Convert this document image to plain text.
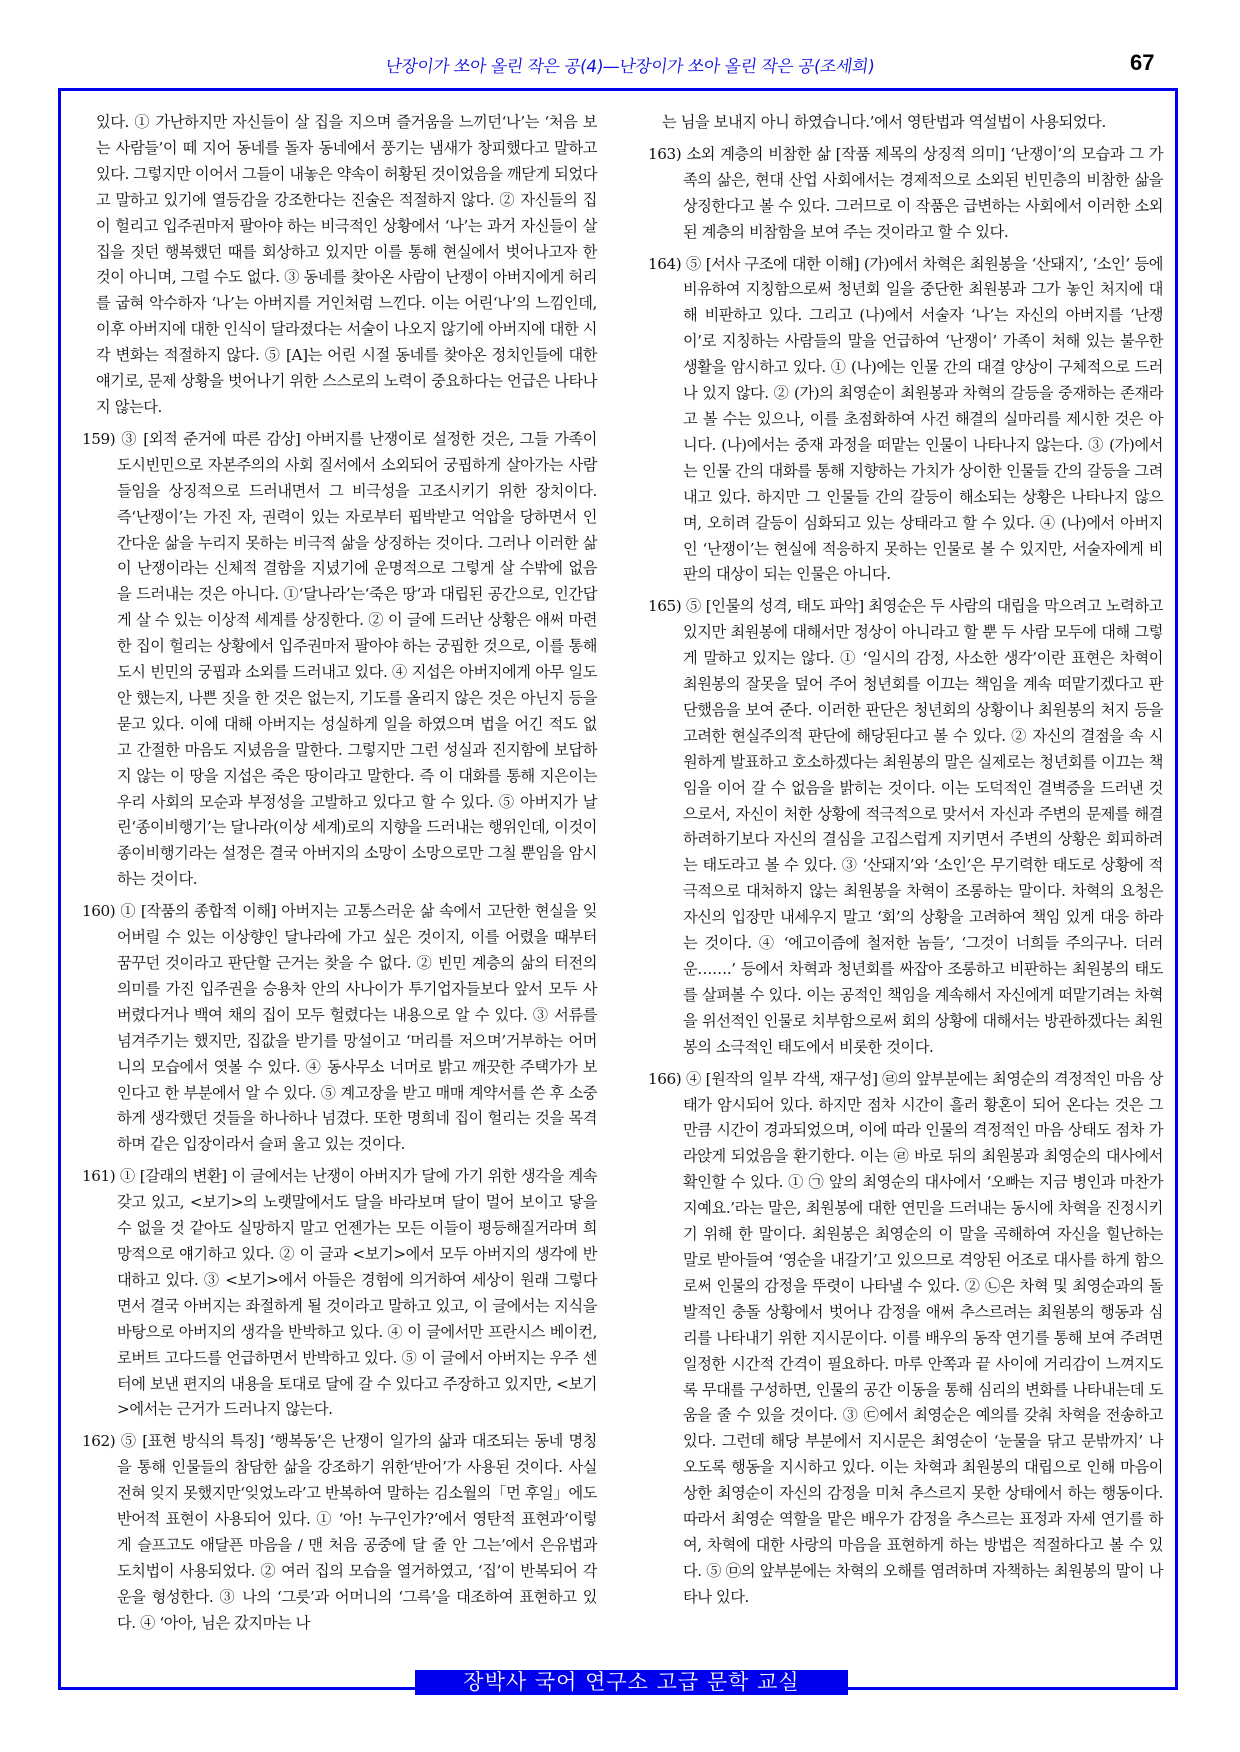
난장이가 쏘아 올린 작은 공(4)—난장이가 쏘아 올린 작은 공(조세희)	67

있다. ① 가난하지만 자신들이 살 집을 지으며 즐거움을 느끼던‘나’는 ‘처음 보는 사람들’이 떼 지어 동네를 돌자 동네에서 풍기는 냄새가 창피했다고 말하고 있다. 그렇지만 이어서 그들이 내놓은 약속이 허황된 것이었음을 깨닫게 되었다고 말하고 있기에 열등감을 강조한다는 진술은 적절하지 않다. ② 자신들의 집이 헐리고 입주권마저 팔아야 하는 비극적인 상황에서 ‘나’는 과거 자신들이 살 집을 짓던 행복했던 때를 회상하고 있지만 이를 통해 현실에서 벗어나고자 한 것이 아니며, 그럴 수도 없다. ③ 동네를 찾아온 사람이 난쟁이 아버지에게 허리를 굽혀 악수하자 ‘나’는 아버지를 거인처럼 느낀다. 이는 어린‘나’의 느낌인데, 이후 아버지에 대한 인식이 달라졌다는 서술이 나오지 않기에 아버지에 대한 시각 변화는 적절하지 않다. ⑤ [A]는 어린 시절 동네를 찾아온 정치인들에 대한 얘기로, 문제 상황을 벗어나기 위한 스스로의 노력이 중요하다는 언급은 나타나지 않는다.

159) ③ [외적 준거에 따른 감상] 아버지를 난쟁이로 설정한 것은, 그들 가족이 도시빈민으로 자본주의의 사회 질서에서 소외되어 궁핍하게 살아가는 사람들임을 상징적으로 드러내면서 그 비극성을 고조시키기 위한 장치이다. 즉‘난쟁이’는 가진 자, 권력이 있는 자로부터 핍박받고 억압을 당하면서 인간다운 삶을 누리지 못하는 비극적 삶을 상징하는 것이다. 그러나 이러한 삶이 난쟁이라는 신체적 결함을 지녔기에 운명적으로 그렇게 살 수밖에 없음을 드러내는 것은 아니다. ①‘달나라’는‘죽은 땅’과 대립된 공간으로, 인간답게 살 수 있는 이상적 세계를 상징한다. ② 이 글에 드러난 상황은 애써 마련한 집이 헐리는 상황에서 입주권마저 팔아야 하는 궁핍한 것으로, 이를 통해 도시 빈민의 궁핍과 소외를 드러내고 있다. ④ 지섭은 아버지에게 아무 일도 안 했는지, 나쁜 짓을 한 것은 없는지, 기도를 올리지 않은 것은 아닌지 등을 묻고 있다. 이에 대해 아버지는 성실하게 일을 하였으며 법을 어긴 적도 없고 간절한 마음도 지녔음을 말한다. 그렇지만 그런 성실과 진지함에 보답하지 않는 이 땅을 지섭은 죽은 땅이라고 말한다. 즉 이 대화를 통해 지은이는 우리 사회의 모순과 부정성을 고발하고 있다고 할 수 있다. ⑤ 아버지가 날린‘종이비행기’는 달나라(이상 세계)로의 지향을 드러내는 행위인데, 이것이 종이비행기라는 설정은 결국 아버지의 소망이 소망으로만 그칠 뿐임을 암시하는 것이다.

160) ① [작품의 종합적 이해] 아버지는 고통스러운 삶 속에서 고단한 현실을 잊어버릴 수 있는 이상향인 달나라에 가고 싶은 것이지, 이를 어렸을 때부터 꿈꾸던 것이라고 판단할 근거는 찾을 수 없다. ② 빈민 계층의 삶의 터전의 의미를 가진 입주권을 승용차 안의 사나이가 투기업자들보다 앞서 모두 사 버렸다거나 백여 채의 집이 모두 헐렸다는 내용으로 알 수 있다. ③ 서류를 넘겨주기는 했지만, 집값을 받기를 망설이고 ‘머리를 저으며’거부하는 어머니의 모습에서 엿볼 수 있다. ④ 동사무소 너머로 밝고 깨끗한 주택가가 보인다고 한 부분에서 알 수 있다. ⑤ 계고장을 받고 매매 계약서를 쓴 후 소중하게 생각했던 것들을 하나하나 넘겼다. 또한 명희네 집이 헐리는 것을 목격하며 같은 입장이라서 슬퍼 울고 있는 것이다.

161) ① [갈래의 변환] 이 글에서는 난쟁이 아버지가 달에 가기 위한 생각을 계속 갖고 있고, <보기>의 노랫말에서도 달을 바라보며 달이 멀어 보이고 닿을 수 없을 것 같아도 실망하지 말고 언젠가는 모든 이들이 평등해질거라며 희망적으로 얘기하고 있다. ② 이 글과 <보기>에서 모두 아버지의 생각에 반대하고 있다. ③ <보기>에서 아들은 경험에 의거하여 세상이 원래 그렇다면서 결국 아버지는 좌절하게 될 것이라고 말하고 있고, 이 글에서는 지식을 바탕으로 아버지의 생각을 반박하고 있다. ④ 이 글에서만 프란시스 베이컨, 로버트 고다드를 언급하면서 반박하고 있다. ⑤ 이 글에서 아버지는 우주 센터에 보낸 편지의 내용을 토대로 달에 갈 수 있다고 주장하고 있지만, <보기>에서는 근거가 드러나지 않는다.

162) ⑤ [표현 방식의 특징] ‘행복동’은 난쟁이 일가의 삶과 대조되는 동네 명칭을 통해 인물들의 참담한 삶을 강조하기 위한‘반어’가 사용된 것이다. 사실 전혀 잊지 못했지만‘잊었노라’고 반복하여 말하는 김소월의「먼 후일」에도 반어적 표현이 사용되어 있다. ① ‘아! 누구인가?’에서 영탄적 표현과‘이렇게 슬프고도 애달픈 마음을 / 맨 처음 공중에 달 줄 안 그는’에서 은유법과 도치법이 사용되었다. ② 여러 집의 모습을 열거하였고, ‘집’이 반복되어 각운을 형성한다. ③ 나의 ‘그릇’과 어머니의 ‘그륵’을 대조하여 표현하고 있다. ④ ‘아아, 님은 갔지마는 나

는 님을 보내지 아니 하였습니다.’에서 영탄법과 역설법이 사용되었다.

163) 소외 계층의 비참한 삶 [작품 제목의 상징적 의미] ‘난쟁이’의 모습과 그 가족의 삶은, 현대 산업 사회에서는 경제적으로 소외된 빈민층의 비참한 삶을 상징한다고 볼 수 있다. 그러므로 이 작품은 급변하는 사회에서 이러한 소외된 계층의 비참함을 보여 주는 것이라고 할 수 있다.

164) ⑤ [서사 구조에 대한 이해] (가)에서 차혁은 최원봉을 ‘산돼지’, ‘소인’ 등에 비유하여 지칭함으로써 청년회 일을 중단한 최원봉과 그가 놓인 처지에 대해 비판하고 있다. 그리고 (나)에서 서술자 ‘나’는 자신의 아버지를 ‘난쟁이’로 지칭하는 사람들의 말을 언급하여 ‘난쟁이’ 가족이 처해 있는 불우한 생활을 암시하고 있다. ① (나)에는 인물 간의 대결 양상이 구체적으로 드러나 있지 않다. ② (가)의 최영순이 최원봉과 차혁의 갈등을 중재하는 존재라고 볼 수는 있으나, 이를 초점화하여 사건 해결의 실마리를 제시한 것은 아니다. (나)에서는 중재 과정을 떠맡는 인물이 나타나지 않는다. ③ (가)에서는 인물 간의 대화를 통해 지향하는 가치가 상이한 인물들 간의 갈등을 그려 내고 있다. 하지만 그 인물들 간의 갈등이 해소되는 상황은 나타나지 않으며, 오히려 갈등이 심화되고 있는 상태라고 할 수 있다. ④ (나)에서 아버지인 ‘난쟁이’는 현실에 적응하지 못하는 인물로 볼 수 있지만, 서술자에게 비판의 대상이 되는 인물은 아니다.

165) ⑤ [인물의 성격, 태도 파악] 최영순은 두 사람의 대립을 막으려고 노력하고 있지만 최원봉에 대해서만 정상이 아니라고 할 뿐 두 사람 모두에 대해 그렇게 말하고 있지는 않다. ① ‘일시의 감정, 사소한 생각’이란 표현은 차혁이 최원봉의 잘못을 덮어 주어 청년회를 이끄는 책임을 계속 떠맡기겠다고 판단했음을 보여 준다. 이러한 판단은 청년회의 상황이나 최원봉의 처지 등을 고려한 현실주의적 판단에 해당된다고 볼 수 있다. ② 자신의 결점을 속 시원하게 발표하고 호소하겠다는 최원봉의 말은 실제로는 청년회를 이끄는 책임을 이어 갈 수 없음을 밝히는 것이다. 이는 도덕적인 결벽증을 드러낸 것으로서, 자신이 처한 상황에 적극적으로 맞서서 자신과 주변의 문제를 해결하려하기보다 자신의 결심을 고집스럽게 지키면서 주변의 상황은 회피하려는 태도라고 볼 수 있다. ③ ‘산돼지’와 ‘소인’은 무기력한 태도로 상황에 적극적으로 대처하지 않는 최원봉을 차혁이 조롱하는 말이다. 차혁의 요청은 자신의 입장만 내세우지 말고 ‘회’의 상황을 고려하여 책임 있게 대응 하라는 것이다. ④ ‘에고이즘에 철저한 놈들’, ‘그것이 너희들 주의구나. 더러운…….’ 등에서 차혁과 청년회를 싸잡아 조롱하고 비판하는 최원봉의 태도를 살펴볼 수 있다. 이는 공적인 책임을 계속해서 자신에게 떠맡기려는 차혁을 위선적인 인물로 치부함으로써 회의 상황에 대해서는 방관하겠다는 최원봉의 소극적인 태도에서 비롯한 것이다.

166) ④ [원작의 일부 각색, 재구성] ㉣의 앞부분에는 최영순의 격정적인 마음 상태가 암시되어 있다. 하지만 점차 시간이 흘러 황혼이 되어 온다는 것은 그만큼 시간이 경과되었으며, 이에 따라 인물의 격정적인 마음 상태도 점차 가라앉게 되었음을 환기한다. 이는 ㉣ 바로 뒤의 최원봉과 최영순의 대사에서 확인할 수 있다. ① ㉠ 앞의 최영순의 대사에서 ‘오빠는 지금 병인과 마찬가지예요.’라는 말은, 최원봉에 대한 연민을 드러내는 동시에 차혁을 진정시키기 위해 한 말이다. 최원봉은 최영순의 이 말을 곡해하여 자신을 힐난하는 말로 받아들여 ‘영순을 내갈기’고 있으므로 격앙된 어조로 대사를 하게 함으로써 인물의 감정을 뚜렷이 나타낼 수 있다. ② ㉡은 차혁 및 최영순과의 돌발적인 충돌 상황에서 벗어나 감정을 애써 추스르려는 최원봉의 행동과 심리를 나타내기 위한 지시문이다. 이를 배우의 동작 연기를 통해 보여 주려면 일정한 시간적 간격이 필요하다. 마루 안쪽과 끝 사이에 거리감이 느껴지도록 무대를 구성하면, 인물의 공간 이동을 통해 심리의 변화를 나타내는데 도움을 줄 수 있을 것이다. ③ ㉢에서 최영순은 예의를 갖춰 차혁을 전송하고 있다. 그런데 해당 부분에서 지시문은 최영순이 ‘눈물을 닦고 문밖까지’ 나오도록 행동을 지시하고 있다. 이는 차혁과 최원봉의 대립으로 인해 마음이 상한 최영순이 자신의 감정을 미처 추스르지 못한 상태에서 하는 행동이다. 따라서 최영순 역할을 맡은 배우가 감정을 추스르는 표정과 자세 연기를 하여, 차혁에 대한 사랑의 마음을 표현하게 하는 방법은 적절하다고 볼 수 있다. ⑤ ㉤의 앞부분에는 차혁의 오해를 염려하며 자책하는 최원봉의 말이 나타나 있다.

장박사 국어 연구소 고급 문학 교실
